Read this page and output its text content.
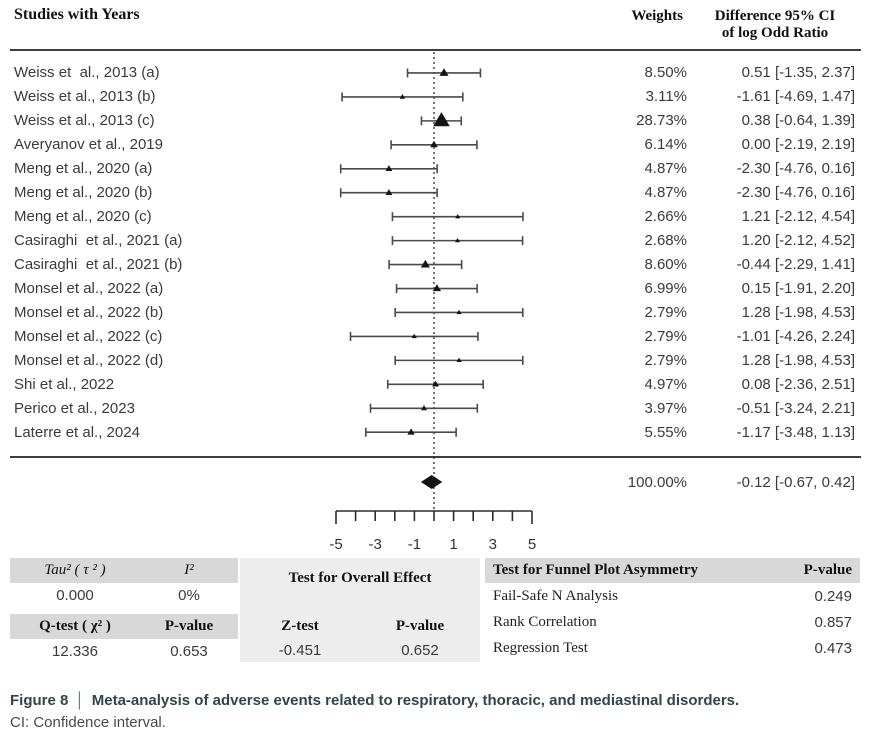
Studies with Years	Weights	Difference 95% CI
of log Odd Ratio
Weiss et  al., 2013 (a)	8.50%	0.51 [-1.35, 2.37]
Weiss et al., 2013 (b)	3.11%	-1.61 [-4.69, 1.47]
Weiss et al., 2013 (c)	28.73%	0.38 [-0.64, 1.39]
Averyanov et al., 2019	6.14%	0.00 [-2.19, 2.19]
Meng et al., 2020 (a)	4.87%	-2.30 [-4.76, 0.16]
Meng et al., 2020 (b)	4.87%	-2.30 [-4.76, 0.16]
Meng et al., 2020 (c)	2.66%	1.21 [-2.12, 4.54]
Casiraghi  et al., 2021 (a)	2.68%	1.20 [-2.12, 4.52]
Casiraghi  et al., 2021 (b)	8.60%	-0.44 [-2.29, 1.41]
Monsel et al., 2022 (a)	6.99%	0.15 [-1.91, 2.20]
Monsel et al., 2022 (b)	2.79%	1.28 [-1.98, 4.53]
Monsel et al., 2022 (c)	2.79%	-1.01 [-4.26, 2.24]
Monsel et al., 2022 (d)	2.79%	1.28 [-1.98, 4.53]
Shi et al., 2022	4.97%	0.08 [-2.36, 2.51]
Perico et al., 2023	3.97%	-0.51 [-3.24, 2.21]
Laterre et al., 2024	5.55%	-1.17 [-3.48, 1.13]
100.00%	-0.12 [-0.67, 0.42]
-5 -3 -1 1 3 5
Tau² ( τ ² )	I²
0.000	0%
Q-test ( χ² )	P-value
12.336	0.653
Test for Overall Effect
Z-test	P-value
-0.451	0.652
Test for Funnel Plot Asymmetry	P-value
Fail-Safe N Analysis	0.249
Rank Correlation	0.857
Regression Test	0.473
Figure 8 │ Meta-analysis of adverse events related to respiratory, thoracic, and mediastinal disorders.
CI: Confidence interval.
